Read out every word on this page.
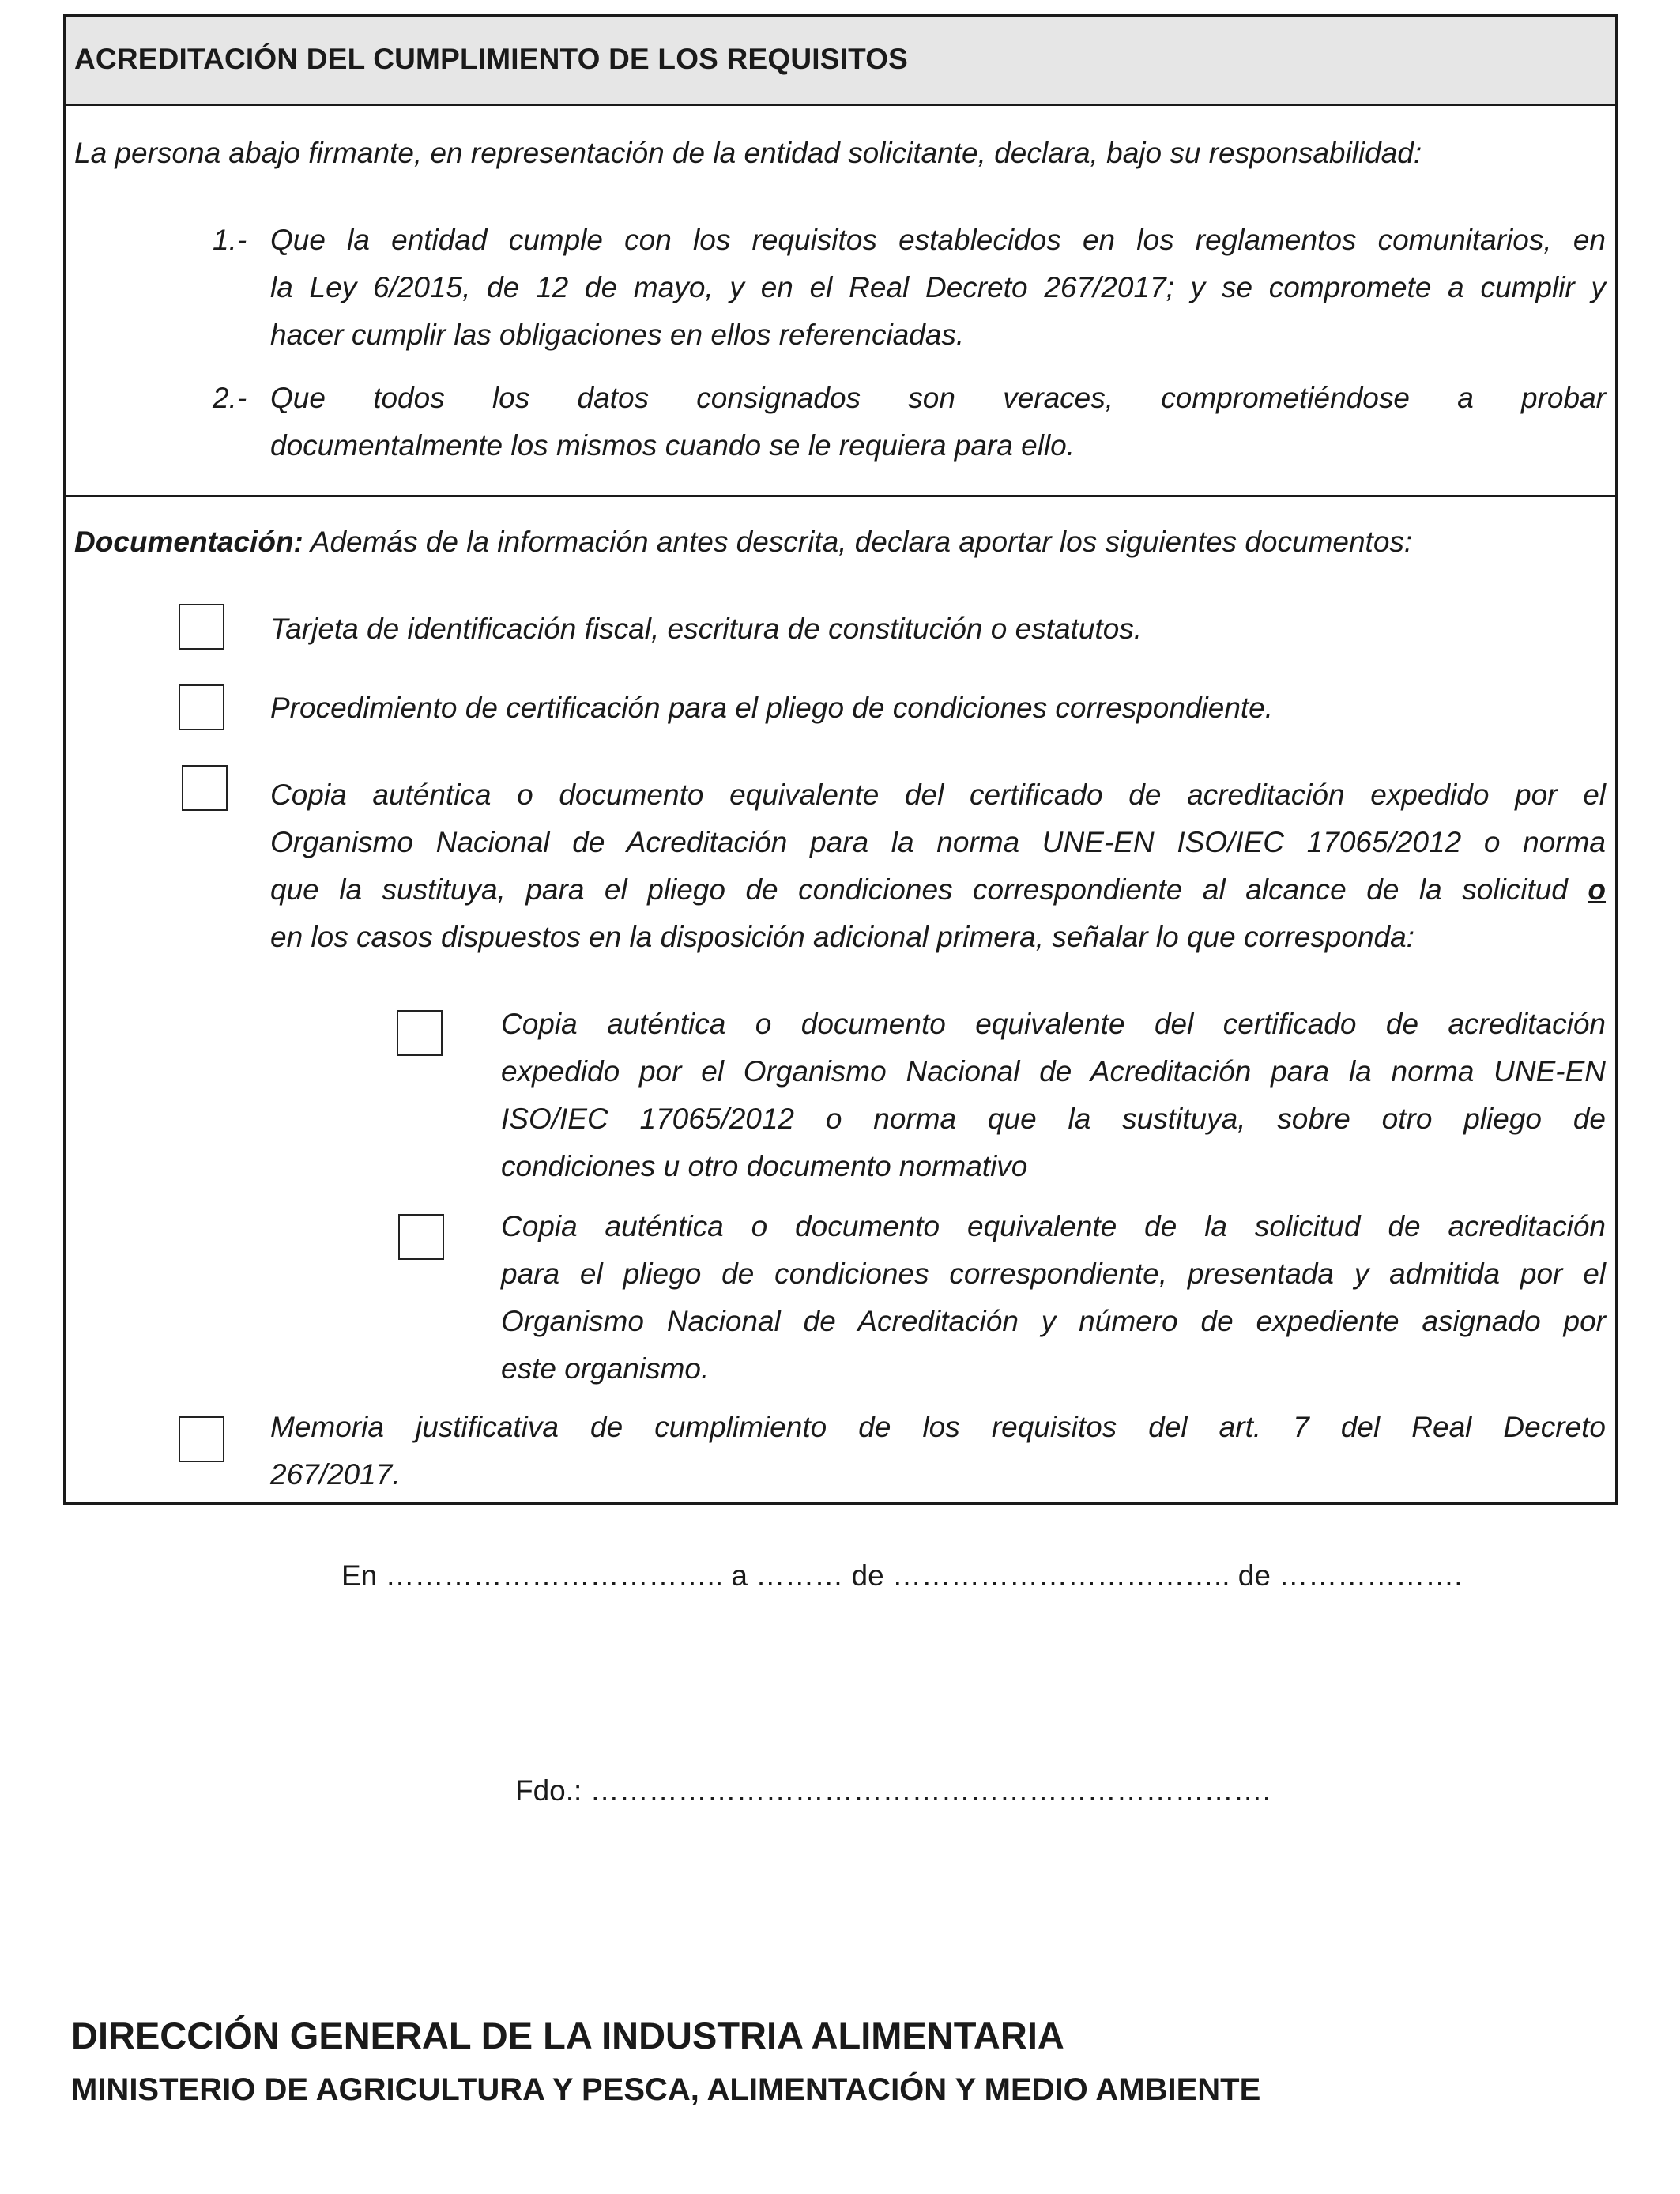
ACREDITACIÓN DEL CUMPLIMIENTO DE LOS REQUISITOS
La persona abajo firmante, en representación de la entidad solicitante, declara, bajo su responsabilidad:
1.- Que la entidad cumple con los requisitos establecidos en los reglamentos comunitarios, en
la Ley 6/2015, de 12 de mayo, y en el Real Decreto 267/2017; y se compromete a cumplir y
hacer cumplir las obligaciones en ellos referenciadas.
2.- Que todos los datos consignados son veraces, comprometiéndose a probar
documentalmente los mismos cuando se le requiera para ello.
Documentación: Además de la información antes descrita, declara aportar los siguientes documentos:
Tarjeta de identificación fiscal, escritura de constitución o estatutos.
Procedimiento de certificación para el pliego de condiciones correspondiente.
Copia auténtica o documento equivalente del certificado de acreditación expedido por el
Organismo Nacional de Acreditación para la norma UNE-EN ISO/IEC 17065/2012 o norma
que la sustituya, para el pliego de condiciones correspondiente al alcance de la solicitud o
en los casos dispuestos en la disposición adicional primera, señalar lo que corresponda:
Copia auténtica o documento equivalente del certificado de acreditación
expedido por el Organismo Nacional de Acreditación para la norma UNE-EN
ISO/IEC 17065/2012 o norma que la sustituya, sobre otro pliego de
condiciones u otro documento normativo
Copia auténtica o documento equivalente de la solicitud de acreditación
para el pliego de condiciones correspondiente, presentada y admitida por el
Organismo Nacional de Acreditación y número de expediente asignado por
este organismo.
Memoria justificativa de cumplimiento de los requisitos del art. 7 del Real Decreto
267/2017.
En …………………………….. a ……… de …………………………….. de ……………….
Fdo.: …………………………………………………………….
DIRECCIÓN GENERAL DE LA INDUSTRIA ALIMENTARIA
MINISTERIO DE AGRICULTURA Y PESCA, ALIMENTACIÓN Y MEDIO AMBIENTE
